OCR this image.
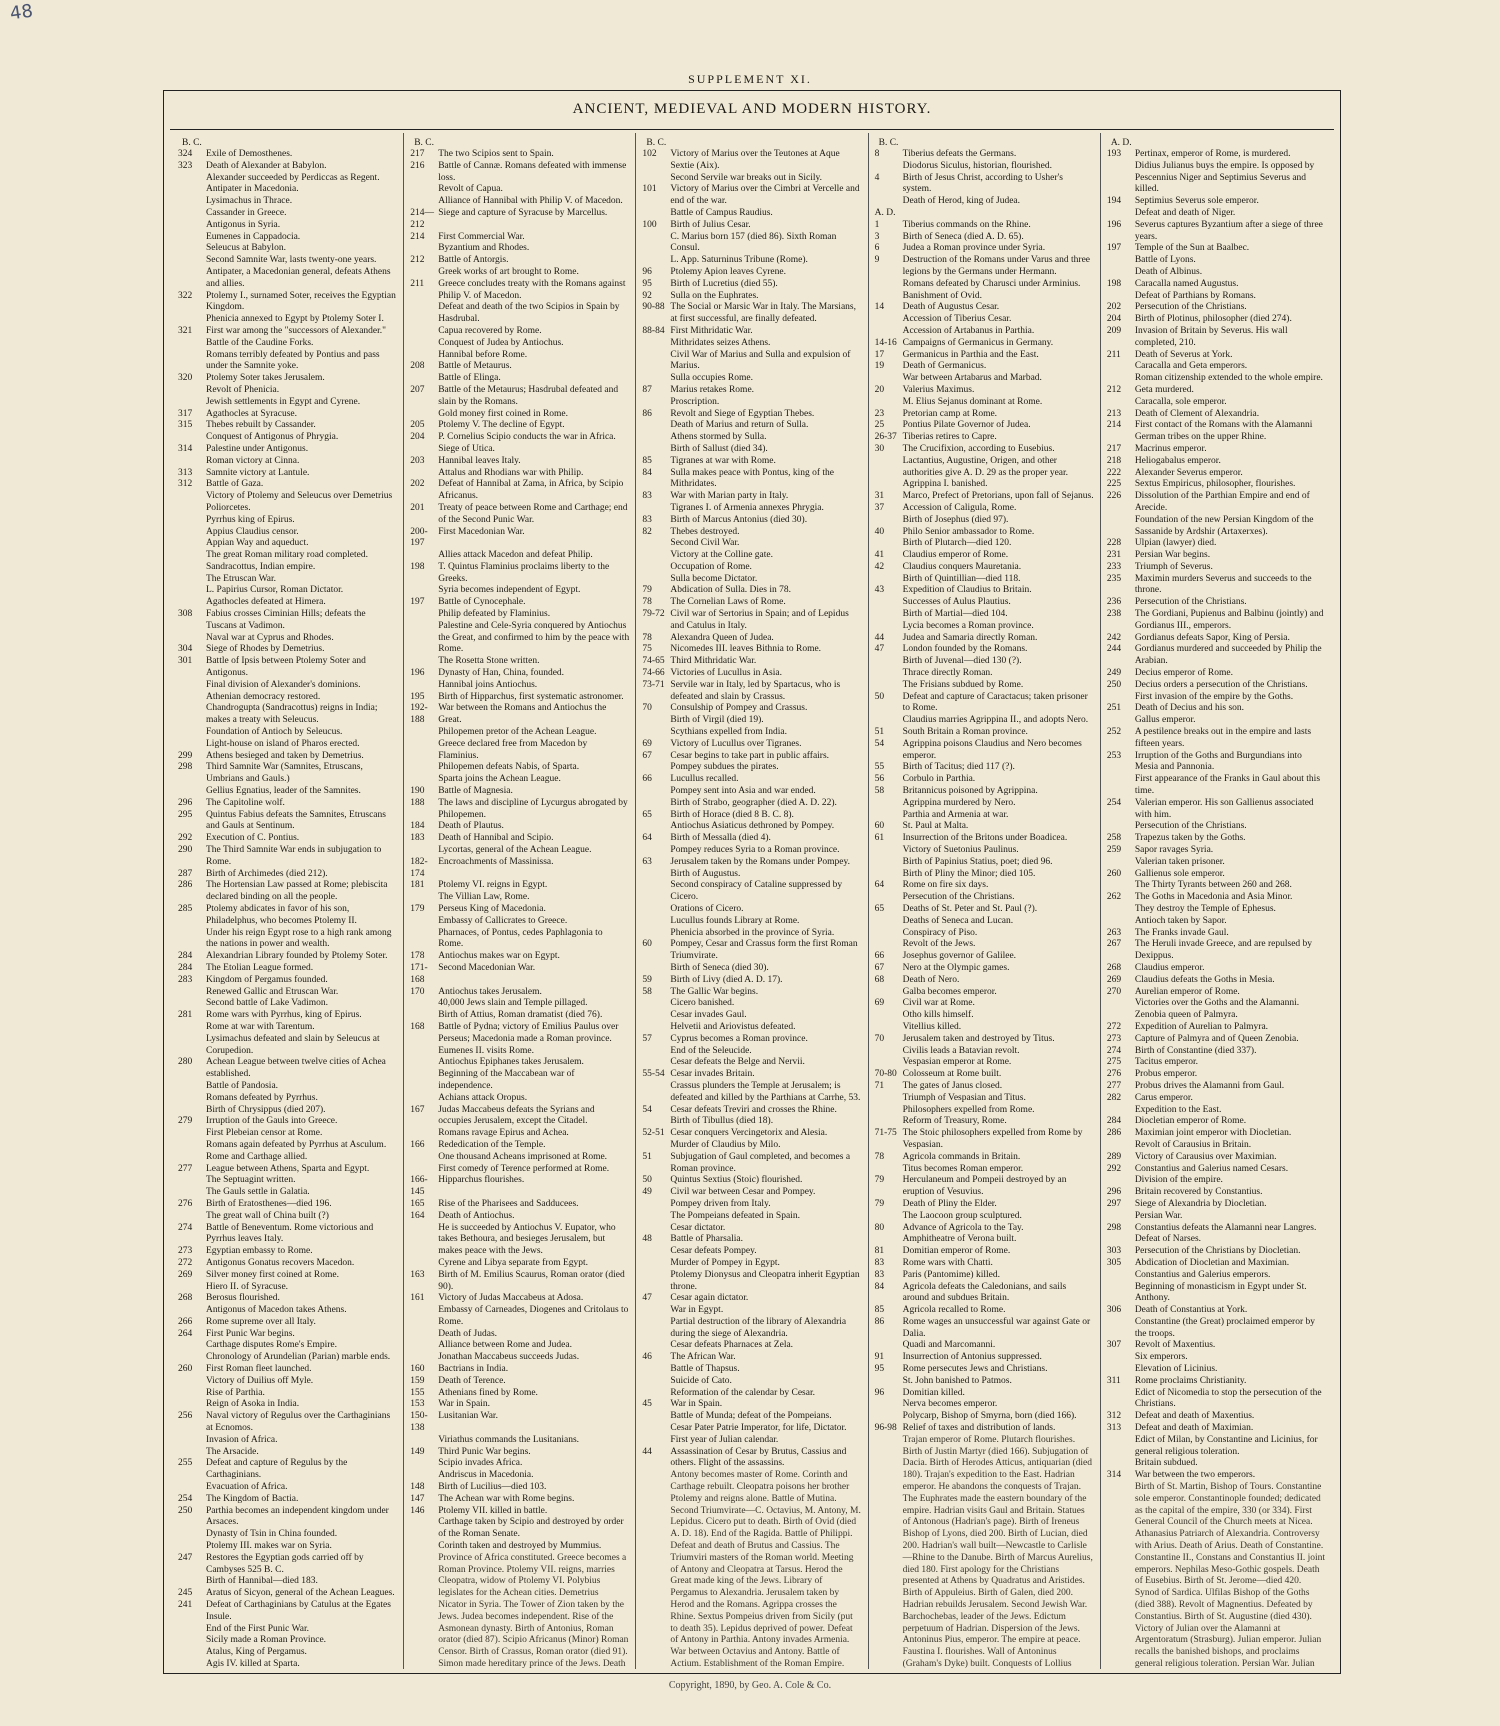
48
SUPPLEMENT XI.
ANCIENT, MEDIEVAL AND MODERN HISTORY.
B. C.
324	Exile of Demosthenes.
323	Death of Alexander at Babylon.
Alexander succeeded by Perdiccas as Regent.
Antipater in Macedonia.
Lysimachus in Thrace.
Cassander in Greece.
Antigonus in Syria.
Eumenes in Cappadocia.
Seleucus at Babylon.
Second Samnite War, lasts twenty-one years.
Antipater, a Macedonian general, defeats Athens and allies.
322	Ptolemy I., surnamed Soter, receives the Egyptian Kingdom.
Phenicia annexed to Egypt by Ptolemy Soter I.
321	First war among the "successors of Alexander."
Battle of the Caudine Forks.
Romans terribly defeated by Pontius and pass under the Samnite yoke.
320	Ptolemy Soter takes Jerusalem.
Revolt of Phenicia.
Jewish settlements in Egypt and Cyrene.
317	Agathocles at Syracuse.
315	Thebes rebuilt by Cassander.
Conquest of Antigonus of Phrygia.
314	Palestine under Antigonus.
Roman victory at Cinna.
313	Samnite victory at Lantule.
312	Battle of Gaza.
Victory of Ptolemy and Seleucus over Demetrius Poliorcetes.
Pyrrhus king of Epirus.
Appius Claudius censor.
Appian Way and aqueduct.
The great Roman military road completed.
Sandracottus, Indian empire.
The Etruscan War.
L. Papirius Cursor, Roman Dictator.
Agathocles defeated at Himera.
308	Fabius crosses Ciminian Hills; defeats the Tuscans at Vadimon.
Naval war at Cyprus and Rhodes.
304	Siege of Rhodes by Demetrius.
301	Battle of Ipsis between Ptolemy Soter and Antigonus.
Final division of Alexander's dominions.
Athenian democracy restored.
Chandrogupta (Sandracottus) reigns in India; makes a treaty with Seleucus.
Foundation of Antioch by Seleucus.
Light-house on island of Pharos erected.
299	Athens besieged and taken by Demetrius.
298	Third Samnite War (Samnites, Etruscans, Umbrians and Gauls.)
Gellius Egnatius, leader of the Samnites.
296	The Capitoline wolf.
295	Quintus Fabius defeats the Samnites, Etruscans and Gauls at Sentinum.
292	Execution of C. Pontius.
290	The Third Samnite War ends in subjugation to Rome.
287	Birth of Archimedes (died 212).
286	The Hortensian Law passed at Rome; plebiscita declared binding on all the people.
285	Ptolemy abdicates in favor of his son, Philadelphus, who becomes Ptolemy II.
Under his reign Egypt rose to a high rank among the nations in power and wealth.
284	Alexandrian Library founded by Ptolemy Soter.
284	The Etolian League formed.
283	Kingdom of Pergamus founded.
Renewed Gallic and Etruscan War.
Second battle of Lake Vadimon.
281	Rome wars with Pyrrhus, king of Epirus.
Rome at war with Tarentum.
Lysimachus defeated and slain by Seleucus at Corupedion.
280	Achean League between twelve cities of Achea established.
Battle of Pandosia.
Romans defeated by Pyrrhus.
Birth of Chrysippus (died 207).
279	Irruption of the Gauls into Greece.
First Plebeian censor at Rome.
Romans again defeated by Pyrrhus at Asculum.
Rome and Carthage allied.
277	League between Athens, Sparta and Egypt.
The Septuagint written.
The Gauls settle in Galatia.
276	Birth of Eratosthenes—died 196.
The great wall of China built (?)
274	Battle of Beneventum. Rome victorious and Pyrrhus leaves Italy.
273	Egyptian embassy to Rome.
272	Antigonus Gonatus recovers Macedon.
269	Silver money first coined at Rome.
Hiero II. of Syracuse.
268	Berosus flourished.
Antigonus of Macedon takes Athens.
266	Rome supreme over all Italy.
264	First Punic War begins.
Carthage disputes Rome's Empire.
Chronology of Arundelian (Parian) marble ends.
260	First Roman fleet launched.
Victory of Duilius off Myle.
Rise of Parthia.
Reign of Asoka in India.
256	Naval victory of Regulus over the Carthaginians at Ecnomos.
Invasion of Africa.
The Arsacide.
255	Defeat and capture of Regulus by the Carthaginians.
Evacuation of Africa.
254	The Kingdom of Bactia.
250	Parthia becomes an independent kingdom under Arsaces.
Dynasty of Tsin in China founded.
Ptolemy III. makes war on Syria.
247	Restores the Egyptian gods carried off by Cambyses 525 B. C.
Birth of Hannibal—died 183.
245	Aratus of Sicyon, general of the Achean Leagues.
241	Defeat of Carthaginians by Catulus at the Egates Insule.
End of the First Punic War.
Sicily made a Roman Province.
Atalus, King of Pergamus.
Agis IV. killed at Sparta.
B. C.
217	The two Scipios sent to Spain.
216	Battle of Cannæ. Romans defeated with immense loss.
Revolt of Capua.
Alliance of Hannibal with Philip V. of Macedon.
214—212
Siege and capture of Syracuse by Marcellus.
214	First Commercial War.
Byzantium and Rhodes.
212	Battle of Antorgis.
Greek works of art brought to Rome.
211	Greece concludes treaty with the Romans against Philip V. of Macedon.
Defeat and death of the two Scipios in Spain by Hasdrubal.
Capua recovered by Rome.
Conquest of Judea by Antiochus.
Hannibal before Rome.
208	Battle of Metaurus.
Battle of Elinga.
207	Battle of the Metaurus; Hasdrubal defeated and slain by the Romans.
Gold money first coined in Rome.
205	Ptolemy V. The decline of Egypt.
204	P. Cornelius Scipio conducts the war in Africa.
Siege of Utica.
203	Hannibal leaves Italy.
Attalus and Rhodians war with Philip.
202	Defeat of Hannibal at Zama, in Africa, by Scipio Africanus.
201	Treaty of peace between Rome and Carthage; end of the Second Punic War.
200-197
First Macedonian War.
Allies attack Macedon and defeat Philip.
198	T. Quintus Flaminius proclaims liberty to the Greeks.
Syria becomes independent of Egypt.
197	Battle of Cynocephale.
Philip defeated by Flaminius.
Palestine and Cele-Syria conquered by Antiochus the Great, and confirmed to him by the peace with Rome.
The Rosetta Stone written.
196	Dynasty of Han, China, founded.
Hannibal joins Antiochus.
195	Birth of Hipparchus, first systematic astronomer.
192-188
War between the Romans and Antiochus the Great.
Philopemen pretor of the Achean League.
Greece declared free from Macedon by Flaminius.
Philopemen defeats Nabis, of Sparta.
Sparta joins the Achean League.
190	Battle of Magnesia.
188	The laws and discipline of Lycurgus abrogated by Philopemen.
184	Death of Plautus.
183	Death of Hannibal and Scipio.
Lycortas, general of the Achean League.
182-174
Encroachments of Massinissa.
181	Ptolemy VI. reigns in Egypt.
The Villian Law, Rome.
179	Perseus King of Macedonia.
Embassy of Callicrates to Greece.
Pharnaces, of Pontus, cedes Paphlagonia to Rome.
178	Antiochus makes war on Egypt.
171-168
Second Macedonian War.
170	Antiochus takes Jerusalem.
40,000 Jews slain and Temple pillaged.
Birth of Attius, Roman dramatist (died 76).
168	Battle of Pydna; victory of Emilius Paulus over Perseus; Macedonia made a Roman province.
Eumenes II. visits Rome.
Antiochus Epiphanes takes Jerusalem.
Beginning of the Maccabean war of independence.
Achians attack Oropus.
167	Judas Maccabeus defeats the Syrians and occupies Jerusalem, except the Citadel.
Romans ravage Epirus and Achea.
166	Rededication of the Temple.
One thousand Acheans imprisoned at Rome.
First comedy of Terence performed at Rome.
166-145
Hipparchus flourishes.
165	Rise of the Pharisees and Sadducees.
164	Death of Antiochus.
He is succeeded by Antiochus V. Eupator, who takes Bethoura, and besieges Jerusalem, but makes peace with the Jews.
Cyrene and Libya separate from Egypt.
163	Birth of M. Emilius Scaurus, Roman orator (died 90).
161	Victory of Judas Maccabeus at Adosa.
Embassy of Carneades, Diogenes and Critolaus to Rome.
Death of Judas.
Alliance between Rome and Judea.
Jonathan Maccabeus succeeds Judas.
160	Bactrians in India.
159	Death of Terence.
155	Athenians fined by Rome.
153	War in Spain.
150-138
Lusitanian War.
Viriathus commands the Lusitanians.
149	Third Punic War begins.
Scipio invades Africa.
Andriscus in Macedonia.
148	Birth of Lucilius—died 103.
147	The Achean war with Rome begins.
146	Ptolemy VII. killed in battle.
Carthage taken by Scipio and destroyed by order of the Roman Senate.
Corinth taken and destroyed by Mummius.
Province of Africa constituted. Greece becomes a Roman Province. Ptolemy VII. reigns, marries Cleopatra, widow of Ptolemy VI. Polybius legislates for the Achean cities. Demetrius Nicator in Syria. The Tower of Zion taken by the Jews. Judea becomes independent. Rise of the Asmonean dynasty. Birth of Antonius, Roman orator (died 87). Scipio Africanus (Minor) Roman Censor. Birth of Crassus, Roman orator (died 91). Simon made hereditary prince of the Jews. Death
B. C.
102	Victory of Marius over the Teutones at Aque Sextie (Aix).
Second Servile war breaks out in Sicily.
101	Victory of Marius over the Cimbri at Vercelle and end of the war.
Battle of Campus Raudius.
100	Birth of Julius Cesar.
C. Marius born 157 (died 86). Sixth Roman Consul.
L. App. Saturninus Tribune (Rome).
96	Ptolemy Apion leaves Cyrene.
95	Birth of Lucretius (died 55).
92	Sulla on the Euphrates.
90-88 The Social or Marsic War in Italy. The Marsians, at first successful, are finally defeated.
88-84 First Mithridatic War.
Mithridates seizes Athens.
Civil War of Marius and Sulla and expulsion of Marius.
Sulla occupies Rome.
87	Marius retakes Rome.
Proscription.
86	Revolt and Siege of Egyptian Thebes.
Death of Marius and return of Sulla.
Athens stormed by Sulla.
Birth of Sallust (died 34).
85	Tigranes at war with Rome.
84	Sulla makes peace with Pontus, king of the Mithridates.
83	War with Marian party in Italy.
Tigranes I. of Armenia annexes Phrygia.
83	Birth of Marcus Antonius (died 30).
82	Thebes destroyed.
Second Civil War.
Victory at the Colline gate.
Occupation of Rome.
Sulla become Dictator.
79	Abdication of Sulla. Dies in 78.
78	The Cornelian Laws of Rome.
79-72 Civil war of Sertorius in Spain; and of Lepidus and Catulus in Italy.
78	Alexandra Queen of Judea.
75	Nicomedes III. leaves Bithnia to Rome.
74-65 Third Mithridatic War.
74-66 Victories of Lucullus in Asia.
73-71 Servile war in Italy, led by Spartacus, who is defeated and slain by Crassus.
70	Consulship of Pompey and Crassus.
Birth of Virgil (died 19).
Scythians expelled from India.
69	Victory of Lucullus over Tigranes.
67	Cesar begins to take part in public affairs.
Pompey subdues the pirates.
66	Lucullus recalled.
Pompey sent into Asia and war ended.
Birth of Strabo, geographer (died A. D. 22).
65	Birth of Horace (died 8 B. C. 8).
Antiochus Asiaticus dethroned by Pompey.
64	Birth of Messalla (died 4).
Pompey reduces Syria to a Roman province.
63	Jerusalem taken by the Romans under Pompey.
Birth of Augustus.
Second conspiracy of Cataline suppressed by Cicero.
Orations of Cicero.
Lucullus founds Library at Rome.
Phenicia absorbed in the province of Syria.
60	Pompey, Cesar and Crassus form the first Roman Triumvirate.
Birth of Seneca (died 30).
59	Birth of Livy (died A. D. 17).
58	The Gallic War begins.
Cicero banished.
Cesar invades Gaul.
Helvetii and Ariovistus defeated.
57	Cyprus becomes a Roman province.
End of the Seleucide.
Cesar defeats the Belge and Nervii.
55-54 Cesar invades Britain.
Crassus plunders the Temple at Jerusalem; is defeated and killed by the Parthians at Carrhe, 53.
54	Cesar defeats Treviri and crosses the Rhine.
Birth of Tibullus (died 18).
52-51 Cesar conquers Vercingetorix and Alesia.
Murder of Claudius by Milo.
51	Subjugation of Gaul completed, and becomes a Roman province.
50	Quintus Sextius (Stoic) flourished.
49	Civil war between Cesar and Pompey.
Pompey driven from Italy.
The Pompeians defeated in Spain.
Cesar dictator.
48	Battle of Pharsalia.
Cesar defeats Pompey.
Murder of Pompey in Egypt.
Ptolemy Dionysus and Cleopatra inherit Egyptian throne.
47	Cesar again dictator.
War in Egypt.
Partial destruction of the library of Alexandria during the siege of Alexandria.
Cesar defeats Pharnaces at Zela.
46	The African War.
Battle of Thapsus.
Suicide of Cato.
Reformation of the calendar by Cesar.
45	War in Spain.
Battle of Munda; defeat of the Pompeians.
Cesar Pater Patrie Imperator, for life, Dictator.
First year of Julian calendar.
44	Assassination of Cesar by Brutus, Cassius and others. Flight of the assassins.
Antony becomes master of Rome. Corinth and Carthage rebuilt. Cleopatra poisons her brother Ptolemy and reigns alone. Battle of Mutina. Second Triumvirate—C. Octavius, M. Antony, M. Lepidus. Cicero put to death. Birth of Ovid (died A. D. 18). End of the Ragida. Battle of Philippi. Defeat and death of Brutus and Cassius. The Triumviri masters of the Roman world. Meeting of Antony and Cleopatra at Tarsus. Herod the Great made king of the Jews. Library of Pergamus to Alexandria. Jerusalem taken by Herod and the Romans. Agrippa crosses the Rhine. Sextus Pompeius driven from Sicily (put to death 35). Lepidus deprived of power. Defeat of Antony in Parthia. Antony invades Armenia. War between Octavius and Antony. Battle of Actium. Establishment of the Roman Empire.
B. C.
8	Tiberius defeats the Germans.
Diodorus Siculus, historian, flourished.
4	Birth of Jesus Christ, according to Usher's system.
Death of Herod, king of Judea.
A. D.
1	Tiberius commands on the Rhine.
3	Birth of Seneca (died A. D. 65).
6	Judea a Roman province under Syria.
9	Destruction of the Romans under Varus and three legions by the Germans under Hermann.
Romans defeated by Charusci under Arminius.
Banishment of Ovid.
14	Death of Augustus Cesar.
Accession of Tiberius Cesar.
Accession of Artabanus in Parthia.
14-16 Campaigns of Germanicus in Germany.
17	Germanicus in Parthia and the East.
19	Death of Germanicus.
War between Artabarus and Marbad.
20	Valerius Maximus.
M. Elius Sejanus dominant at Rome.
23	Pretorian camp at Rome.
25	Pontius Pilate Governor of Judea.
26-37 Tiberias retires to Capre.
30	The Crucifixion, according to Eusebius. Lactantius, Augustine, Origen, and other authorities give A. D. 29 as the proper year.
Agrippina I. banished.
31	Marco, Prefect of Pretorians, upon fall of Sejanus.
37	Accession of Caligula, Rome.
Birth of Josephus (died 97).
40	Philo Senior ambassador to Rome.
Birth of Plutarch—died 120.
41	Claudius emperor of Rome.
42	Claudius conquers Mauretania.
Birth of Quintillian—died 118.
43	Expedition of Claudius to Britain.
Successes of Aulus Plautius.
Birth of Martial—died 104.
Lycia becomes a Roman province.
44	Judea and Samaria directly Roman.
47	London founded by the Romans.
Birth of Juvenal—died 130 (?).
Thrace directly Roman.
The Frisians subdued by Rome.
50	Defeat and capture of Caractacus; taken prisoner to Rome.
Claudius marries Agrippina II., and adopts Nero.
51	South Britain a Roman province.
54	Agrippina poisons Claudius and Nero becomes emperor.
55	Birth of Tacitus; died 117 (?).
56	Corbulo in Parthia.
58	Britannicus poisoned by Agrippina.
Agrippina murdered by Nero.
Parthia and Armenia at war.
60	St. Paul at Malta.
61	Insurrection of the Britons under Boadicea.
Victory of Suetonius Paulinus.
Birth of Papinius Statius, poet; died 96.
Birth of Pliny the Minor; died 105.
64	Rome on fire six days.
Persecution of the Christians.
65	Deaths of St. Peter and St. Paul (?).
Deaths of Seneca and Lucan.
Conspiracy of Piso.
Revolt of the Jews.
66	Josephus governor of Galilee.
67	Nero at the Olympic games.
68	Death of Nero.
Galba becomes emperor.
69	Civil war at Rome.
Otho kills himself.
Vitellius killed.
70	Jerusalem taken and destroyed by Titus.
Civilis leads a Batavian revolt.
Vespasian emperor at Rome.
70-80 Colosseum at Rome built.
71	The gates of Janus closed.
Triumph of Vespasian and Titus.
Philosophers expelled from Rome.
Reform of Treasury, Rome.
71-75 The Stoic philosophers expelled from Rome by Vespasian.
78	Agricola commands in Britain.
Titus becomes Roman emperor.
79	Herculaneum and Pompeii destroyed by an eruption of Vesuvius.
79	Death of Pliny the Elder.
The Laocoon group sculptured.
80	Advance of Agricola to the Tay.
Amphitheatre of Verona built.
81	Domitian emperor of Rome.
83	Rome wars with Chatti.
83	Paris (Pantomime) killed.
84	Agricola defeats the Caledonians, and sails around and subdues Britain.
85	Agricola recalled to Rome.
86	Rome wages an unsuccessful war against Gate or Dalia.
Quadi and Marcomanni.
91	Insurrection of Antonius suppressed.
95	Rome persecutes Jews and Christians.
St. John banished to Patmos.
96	Domitian killed.
Nerva becomes emperor.
Polycarp, Bishop of Smyrna, born (died 166).
96-98 Relief of taxes and distribution of lands.
Trajan emperor of Rome. Plutarch flourishes. Birth of Justin Martyr (died 166). Subjugation of Dacia. Birth of Herodes Atticus, antiquarian (died 180). Trajan's expedition to the East. Hadrian emperor. He abandons the conquests of Trajan. The Euphrates made the eastern boundary of the empire. Hadrian visits Gaul and Britain. Statues of Antonous (Hadrian's page). Birth of Ireneus Bishop of Lyons, died 200. Birth of Lucian, died 200. Hadrian's wall built—Newcastle to Carlisle—Rhine to the Danube. Birth of Marcus Aurelius, died 180. First apology for the Christians presented at Athens by Quadratus and Aristides. Birth of Appuleius. Birth of Galen, died 200. Hadrian rebuilds Jerusalem. Second Jewish War. Barchochebas, leader of the Jews. Edictum perpetuum of Hadrian. Dispersion of the Jews. Antoninus Pius, emperor. The empire at peace. Faustina I. flourishes. Wall of Antoninus (Graham's Dyke) built. Conquests of Lollius
A. D.
193	Pertinax, emperor of Rome, is murdered.
Didius Julianus buys the empire. Is opposed by Pescennius Niger and Septimius Severus and killed.
194	Septimius Severus sole emperor.
Defeat and death of Niger.
196	Severus captures Byzantium after a siege of three years.
197	Temple of the Sun at Baalbec.
Battle of Lyons.
Death of Albinus.
198	Caracalla named Augustus.
Defeat of Parthians by Romans.
202	Persecution of the Christians.
204	Birth of Plotinus, philosopher (died 274).
209	Invasion of Britain by Severus. His wall completed, 210.
211	Death of Severus at York.
Caracalla and Geta emperors.
Roman citizenship extended to the whole empire.
212	Geta murdered.
Caracalla, sole emperor.
213	Death of Clement of Alexandria.
214	First contact of the Romans with the Alamanni German tribes on the upper Rhine.
217	Macrinus emperor.
218	Heliogabalus emperor.
222	Alexander Severus emperor.
225	Sextus Empiricus, philosopher, flourishes.
226	Dissolution of the Parthian Empire and end of Arecide.
Foundation of the new Persian Kingdom of the Sassanide by Ardshir (Artaxerxes).
228	Ulpian (lawyer) died.
231	Persian War begins.
233	Triumph of Severus.
235	Maximin murders Severus and succeeds to the throne.
236	Persecution of the Christians.
238	The Gordiani, Pupienus and Balbinu (jointly) and Gordianus III., emperors.
242	Gordianus defeats Sapor, King of Persia.
244	Gordianus murdered and succeeded by Philip the Arabian.
249	Decius emperor of Rome.
250	Decius orders a persecution of the Christians.
First invasion of the empire by the Goths.
251	Death of Decius and his son.
Gallus emperor.
252	A pestilence breaks out in the empire and lasts fifteen years.
253	Irruption of the Goths and Burgundians into Mesia and Pannonia.
First appearance of the Franks in Gaul about this time.
254	Valerian emperor. His son Gallienus associated with him.
Persecution of the Christians.
258	Trapezus taken by the Goths.
259	Sapor ravages Syria.
Valerian taken prisoner.
260	Gallienus sole emperor.
The Thirty Tyrants between 260 and 268.
262	The Goths in Macedonia and Asia Minor.
They destroy the Temple of Ephesus.
Antioch taken by Sapor.
263	The Franks invade Gaul.
267	The Heruli invade Greece, and are repulsed by Dexippus.
268	Claudius emperor.
269	Claudius defeats the Goths in Mesia.
270	Aurelian emperor of Rome.
Victories over the Goths and the Alamanni.
Zenobia queen of Palmyra.
272	Expedition of Aurelian to Palmyra.
273	Capture of Palmyra and of Queen Zenobia.
274	Birth of Constantine (died 337).
275	Tacitus emperor.
276	Probus emperor.
277	Probus drives the Alamanni from Gaul.
282	Carus emperor.
Expedition to the East.
284	Diocletian emperor of Rome.
286	Maximian joint emperor with Diocletian.
Revolt of Carausius in Britain.
289	Victory of Carausius over Maximian.
292	Constantius and Galerius named Cesars.
Division of the empire.
296	Britain recovered by Constantius.
297	Siege of Alexandria by Diocletian.
Persian War.
298	Constantius defeats the Alamanni near Langres.
Defeat of Narses.
303	Persecution of the Christians by Diocletian.
305	Abdication of Diocletian and Maximian.
Constantius and Galerius emperors.
Beginning of monasticism in Egypt under St. Anthony.
306	Death of Constantius at York.
Constantine (the Great) proclaimed emperor by the troops.
307	Revolt of Maxentius.
Six emperors.
Elevation of Licinius.
311	Rome proclaims Christianity.
Edict of Nicomedia to stop the persecution of the Christians.
312	Defeat and death of Maxentius.
313	Defeat and death of Maximian.
Edict of Milan, by Constantine and Licinius, for general religious toleration.
Britain subdued.
314	War between the two emperors.
Birth of St. Martin, Bishop of Tours. Constantine sole emperor. Constantinople founded; dedicated as the capital of the empire, 330 (or 334). First General Council of the Church meets at Nicea. Athanasius Patriarch of Alexandria. Controversy with Arius. Death of Arius. Death of Constantine. Constantine II., Constans and Constantius II. joint emperors. Nephilas Meso-Gothic gospels. Death of Eusebius. Birth of St. Jerome—died 420. Synod of Sardica. Ulfilas Bishop of the Goths (died 388). Revolt of Magnentius. Defeated by Constantius. Birth of St. Augustine (died 430). Victory of Julian over the Alamanni at Argentoratum (Strasburg). Julian emperor. Julian recalls the banished bishops, and proclaims general religious toleration. Persian War. Julian
Copyright, 1890, by Geo. A. Cole & Co.
